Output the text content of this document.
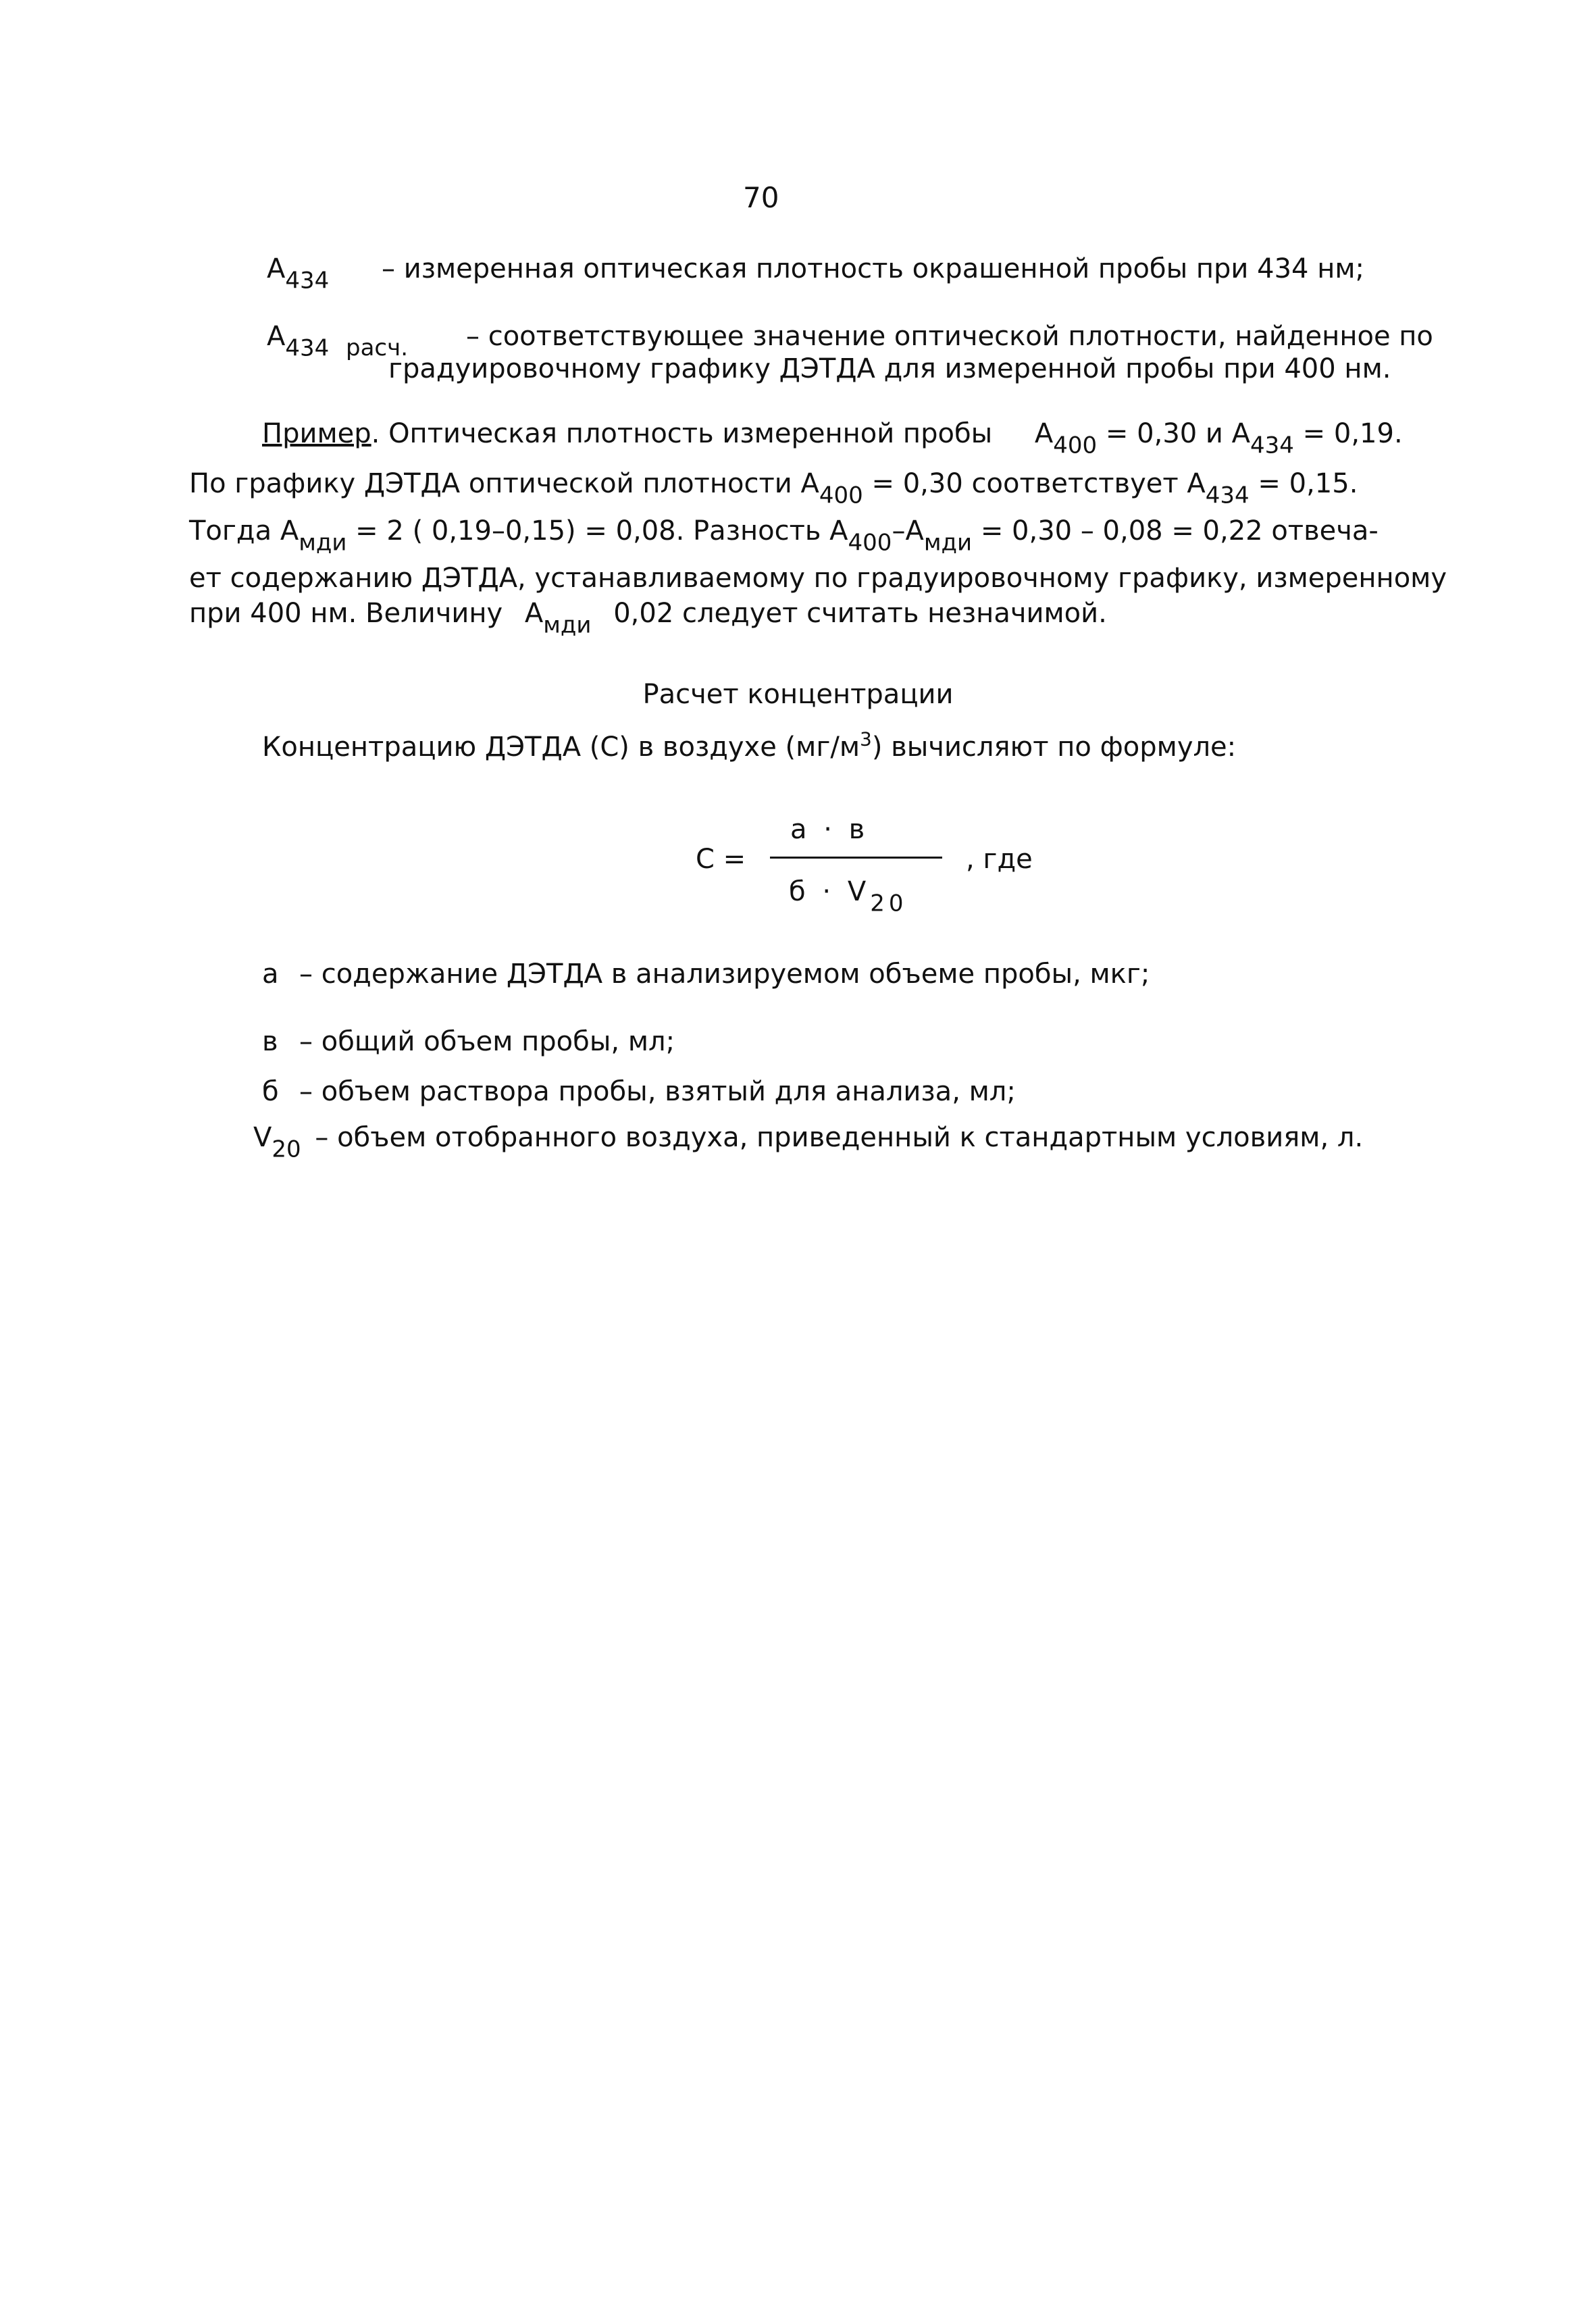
70
$A_{434}$ – измеренная оптическая плотность окрашенной пробы при 434 нм;
$A_{434}$ $_{расч.}$ – соответствующее значение оптической плотности, найденное по
градуировочному графику ДЭТДА для измеренной пробы при 400 нм.
Пример. Оптическая плотность измеренной пробы $A_{400} = 0,30$ и $A_{434} = 0,19$.
По графику ДЭТДА оптической плотности $A_{400} = 0,30$ соответствует $A_{434} = 0,15$.
Тогда $A_{мди} = 2$ ( 0,19–0,15) = 0,08. Разность $A_{400}-A_{мди} = 0,30 - 0,08 = 0,22$ отвеча-
ет содержанию ДЭТДА, устанавливаемому по градуировочному графику, измеренному
при 400 нм. Величину $A_{мди}$ 0,02 следует считать незначимой.
Расчет концентрации
Концентрацию ДЭТДА (С) в воздухе $(мг/м^3)$ вычисляют по формуле:
С =
а · в
$б \cdot V_{20}$
, где
а – содержание ДЭТДА в анализируемом объеме пробы, мкг;
в – общий объем пробы, мл;
б – объем раствора пробы, взятый для анализа, мл;
$V_{20}$ – объем отобранного воздуха, приведенный к стандартным условиям, л.
